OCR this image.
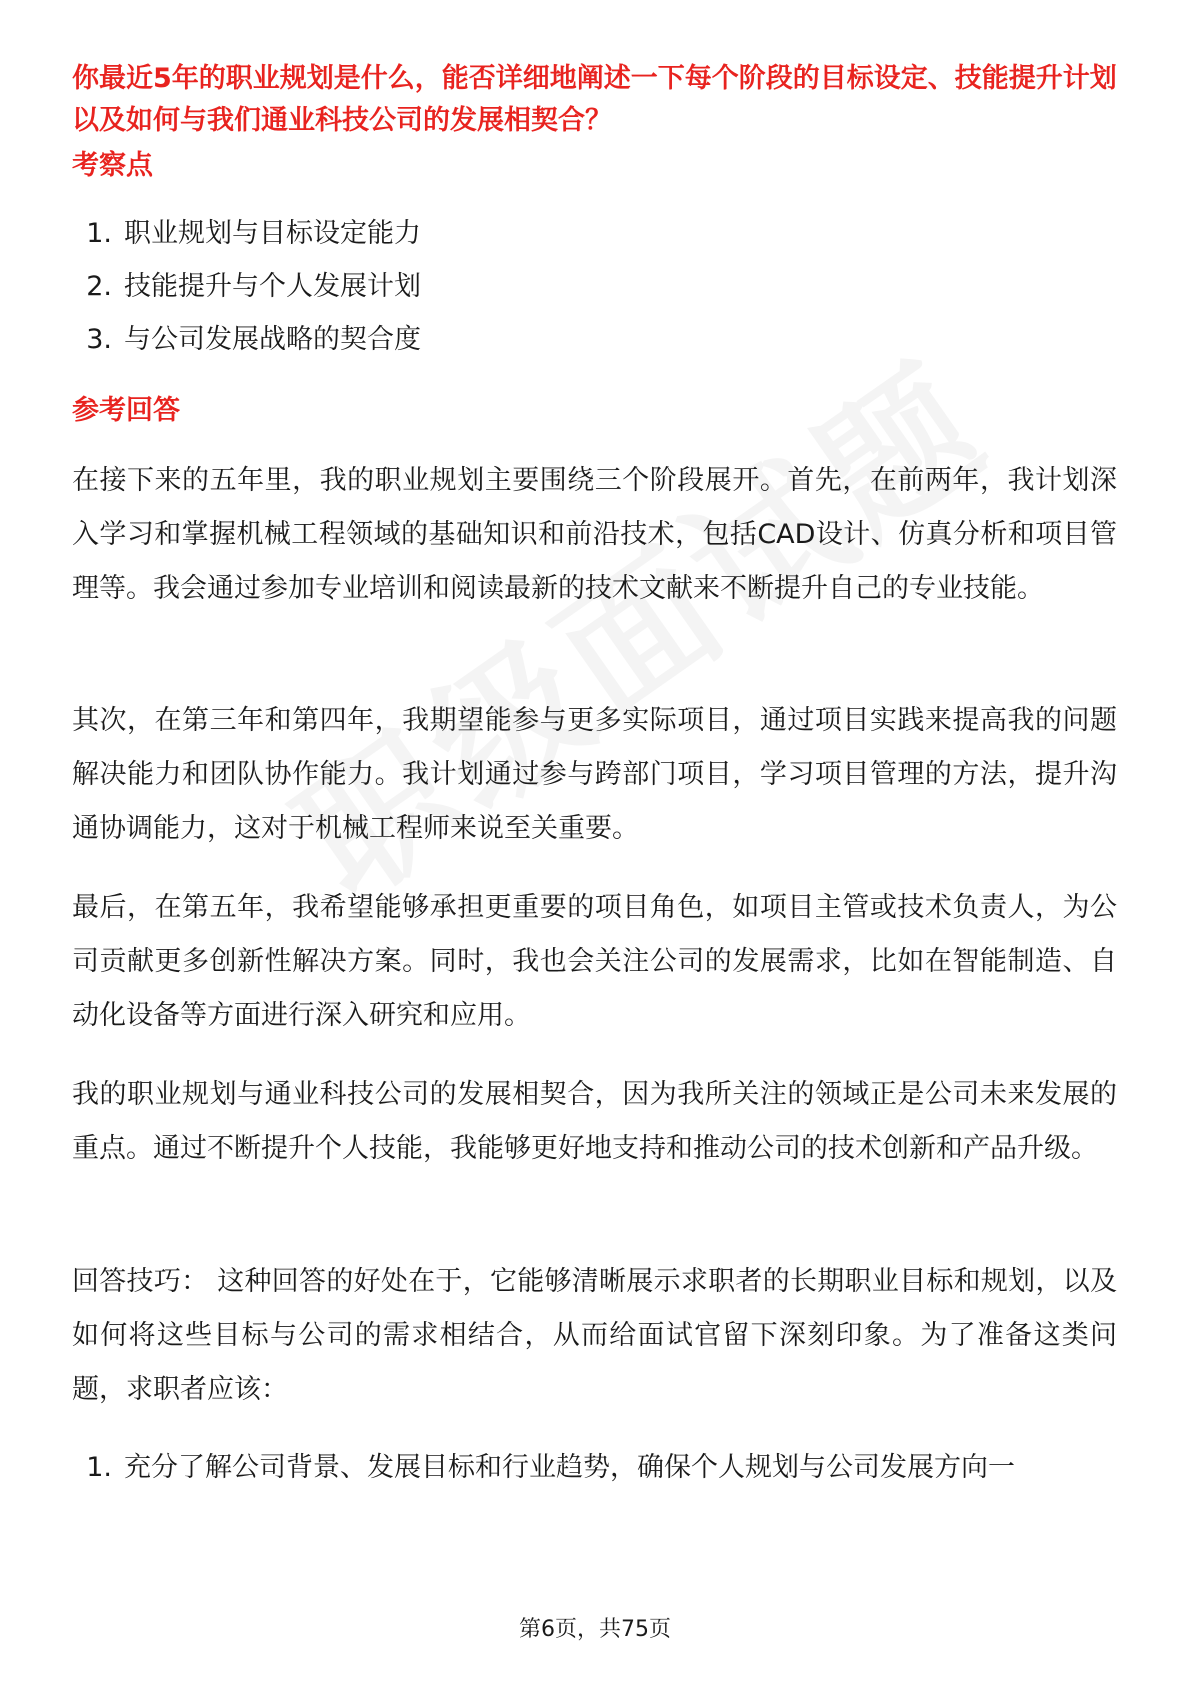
你最近5年的职业规划是什么，能否详细地阐述一下每个阶段的目标设定、技能提升计划以及如何与我们通业科技公司的发展相契合？
考察点
1. 职业规划与目标设定能力
2. 技能提升与个人发展计划
3. 与公司发展战略的契合度
参考回答

在接下来的五年里，我的职业规划主要围绕三个阶段展开。首先，在前两年，我计划深入学习和掌握机械工程领域的基础知识和前沿技术，包括CAD设计、仿真分析和项目管理等。我会通过参加专业培训和阅读最新的技术文献来不断提升自己的专业技能。

其次，在第三年和第四年，我期望能参与更多实际项目，通过项目实践来提高我的问题解决能力和团队协作能力。我计划通过参与跨部门项目，学习项目管理的方法，提升沟通协调能力，这对于机械工程师来说至关重要。

最后，在第五年，我希望能够承担更重要的项目角色，如项目主管或技术负责人，为公司贡献更多创新性解决方案。同时，我也会关注公司的发展需求，比如在智能制造、自动化设备等方面进行深入研究和应用。

我的职业规划与通业科技公司的发展相契合，因为我所关注的领域正是公司未来发展的重点。通过不断提升个人技能，我能够更好地支持和推动公司的技术创新和产品升级。

回答技巧： 这种回答的好处在于，它能够清晰展示求职者的长期职业目标和规划，以及如何将这些目标与公司的需求相结合，从而给面试官留下深刻印象。为了准备这类问题，求职者应该：

1. 充分了解公司背景、发展目标和行业趋势，确保个人规划与公司发展方向一
第6页，共75页
